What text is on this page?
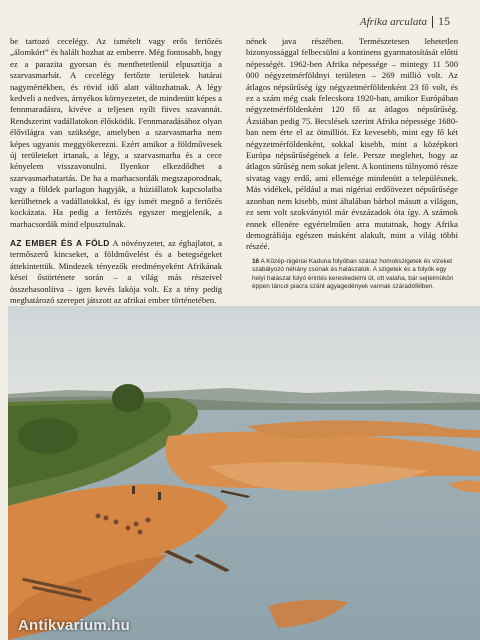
Afrika arculata 15

be tartozó cecelégy. Az ismételt vagy erős fertőzés „álomkórt” és halált hozhat az emberre. Még fontosabb, hogy ez a parazita gyorsan és menthetetlenül elpusztítja a szarvasmarhát. A cecelégy fertőzte területek határai nagymértékben, és rövid idő alatt változhatnak. A légy kedveli a nedves, árnyékos környezetet, de mindenütt képes a fennmaradásra, kivéve a teljesen nyílt füves szavannát. Rendszerint vadállatokon élősködik. Fennmaradásához olyan élővilágra van szüksége, amelyben a szarvasmarha nem képes ugyanis meggyökerezni. Ezért amikor a földművesek új területeket irtanak, a légy, a szarvasmarha és a cece kényelem visszavonulni. Ilyenkor elkezdődhet a szarvasmarhatartás. De ha a marhacsordák megszaporodnak, vagy a földek parlagon hagyják, a húziállatok kapcsolatba kerülhetnek a vadállatokkal, és így ismét megnő a fertőzés kockázata. Ha pedig a fertőzés egyszer megjelenik, a marhacsordák mind elpusztulnak.

AZ EMBER ÉS A FÖLD A növényzetet, az éghajlatot, a termőszerű kincseket, a földművelést és a betegségeket áttekintettük. Mindezek tényezők eredményeként Afrikának kései őstörténete során – a világ más részeivel összehasonlítva – igen kevés lakója volt. Ez a tény pedig meghatározó szerepet játszott az afrikai ember történetében.

nének java részében. Természetesen lehetetlen bizonyossággal felbecsülni a kontinens gyarmatosítását előtti népességét. 1962-ben Afrika népessége – mintegy 11 500 000 négyzetmérföldnyi területen – 269 millió volt. Az átlagos népsűrűség így négyzetmérföldenként 23 fő volt, és ez a szám még csak felecskora 1920-ban, amikor Európában négyzetmérföldenként 120 fő az átlagos népsűrűség. Ázsiában pedig 75. Becslések szerint Afrika népessége 1680-ban nem érte el az ötmilliót. Ez kevesebb, mint egy fő két négyzetmérföldenként, sokkal kisebb, mint a középkori Európa népsűrűségének a fele. Persze meglehet, hogy az átlagos sűrűség nem sokat jelent. A kontinens túlnyomó része sivatag vagy erdő, ami ellensége mindenütt a településnek. Más vidékek, például a mai nigériai erdőövezet népsűrűsége azonban nem kisebb, mint általában bárhol másutt a világon, ez sem volt szokványtól már évszázadok óta így. A számok ennek ellenére egyértelműen arra mutatnak, hogy Afrika demográfiája egészen másként alakult, mint a világ többi részéé.

16 A Közép-nigériai Kaduna folyóban száraz homokszigetek és vizeket szabályozó néhány csónak és halászatok. A szigetek és a folyók egy helyi halászat folyó érintés kereskedelmi út, ott valaha, bár sejtelmükön éppen táncol piacra szánt agyagedények vannak száradófélben.
Antikvarium.hu
